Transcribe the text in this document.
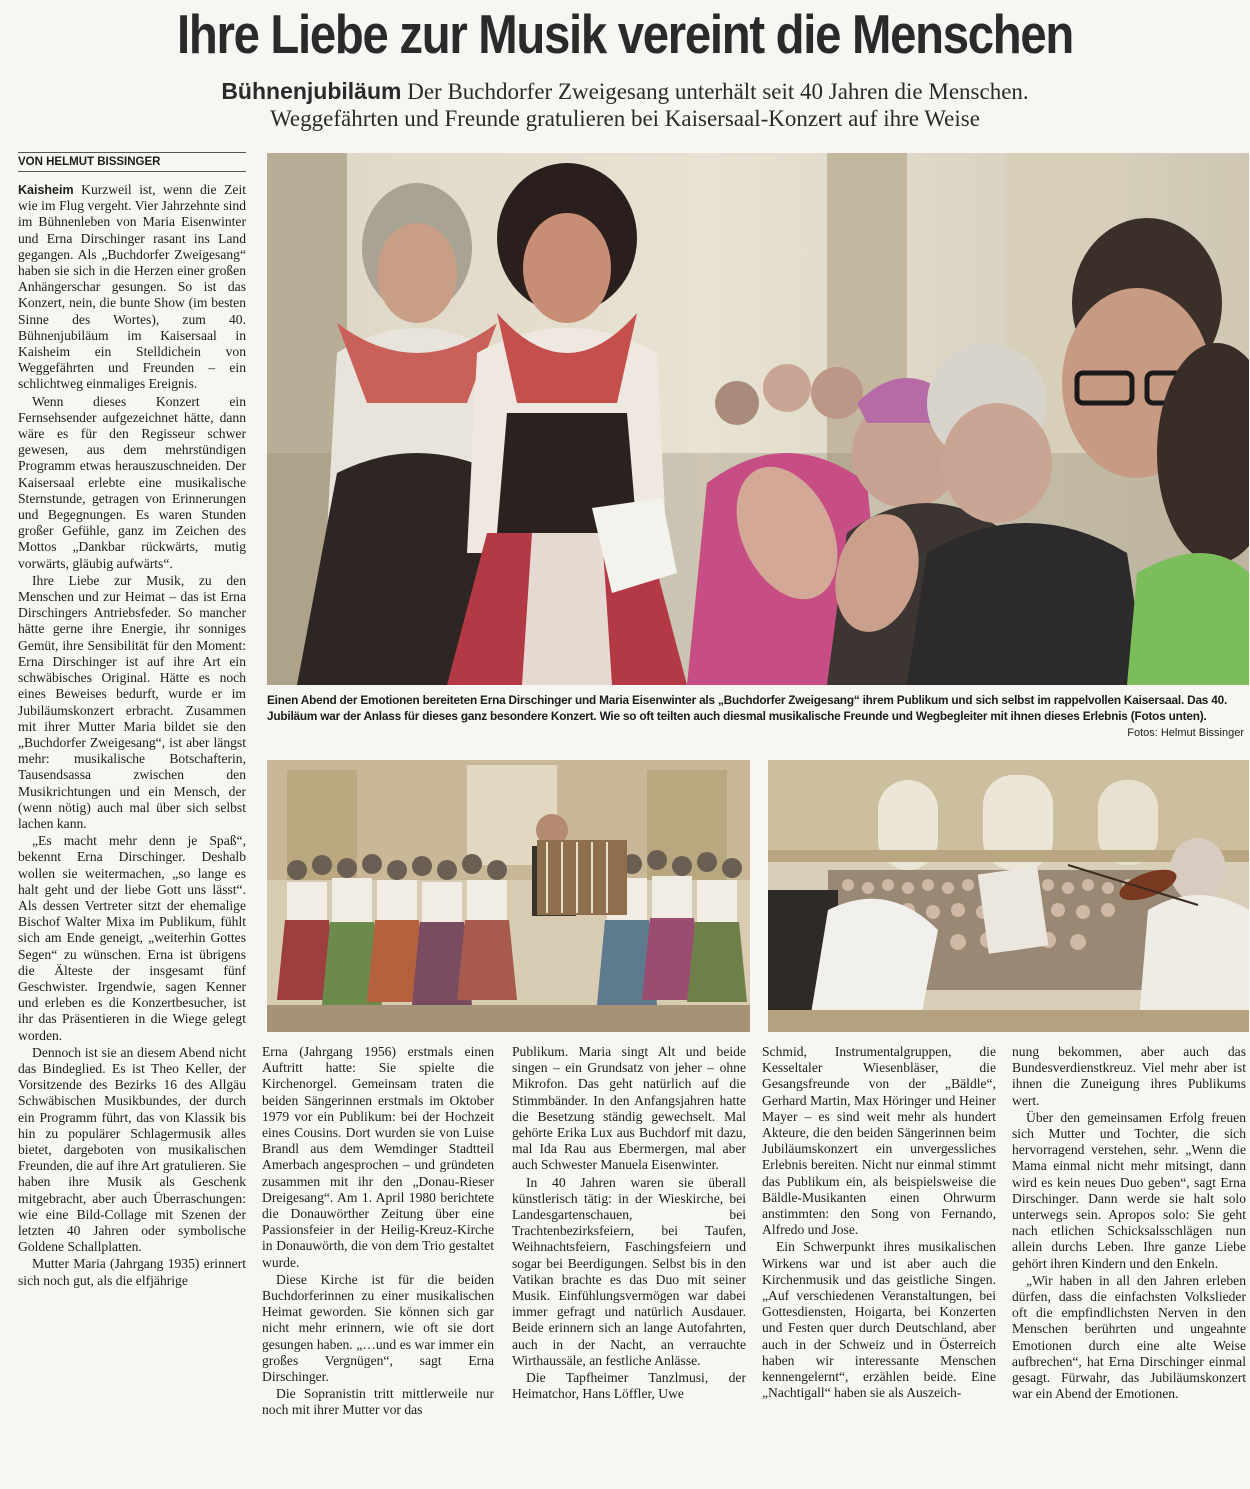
Ihre Liebe zur Musik vereint die Menschen
Bühnenjubiläum Der Buchdorfer Zweigesang unterhält seit 40 Jahren die Menschen.
Weggefährten und Freunde gratulieren bei Kaisersaal-Konzert auf ihre Weise
VON HELMUT BISSINGER

Kaisheim Kurzweil ist, wenn die Zeit wie im Flug vergeht. Vier Jahrzehnte sind im Bühnenleben von Maria Eisenwinter und Erna Dirschinger rasant ins Land gegangen. Als „Buchdorfer Zweigesang“ haben sie sich in die Herzen einer großen Anhängerschar gesungen. So ist das Konzert, nein, die bunte Show (im besten Sinne des Wortes), zum 40. Bühnenjubiläum im Kaisersaal in Kaisheim ein Stelldichein von Weggefährten und Freunden – ein schlichtweg einmaliges Ereignis.

Wenn dieses Konzert ein Fernsehsender aufgezeichnet hätte, dann wäre es für den Regisseur schwer gewesen, aus dem mehrstündigen Programm etwas herauszuschneiden. Der Kaisersaal erlebte eine musikalische Sternstunde, getragen von Erinnerungen und Begegnungen. Es waren Stunden großer Gefühle, ganz im Zeichen des Mottos „Dankbar rückwärts, mutig vorwärts, gläubig aufwärts“.

Ihre Liebe zur Musik, zu den Menschen und zur Heimat – das ist Erna Dirschingers Antriebsfeder. So mancher hätte gerne ihre Energie, ihr sonniges Gemüt, ihre Sensibilität für den Moment: Erna Dirschinger ist auf ihre Art ein schwäbisches Original. Hätte es noch eines Beweises bedurft, wurde er im Jubiläumskonzert erbracht. Zusammen mit ihrer Mutter Maria bildet sie den „Buchdorfer Zweigesang“, ist aber längst mehr: musikalische Botschafterin, Tausendsassa zwischen den Musikrichtungen und ein Mensch, der (wenn nötig) auch mal über sich selbst lachen kann.

„Es macht mehr denn je Spaß“, bekennt Erna Dirschinger. Deshalb wollen sie weitermachen, „so lange es halt geht und der liebe Gott uns lässt“. Als dessen Vertreter sitzt der ehemalige Bischof Walter Mixa im Publikum, fühlt sich am Ende geneigt, „weiterhin Gottes Segen“ zu wünschen. Erna ist übrigens die Älteste der insgesamt fünf Geschwister. Irgendwie, sagen Kenner und erleben es die Konzertbesucher, ist ihr das Präsentieren in die Wiege gelegt worden.

Dennoch ist sie an diesem Abend nicht das Bindeglied. Es ist Theo Keller, der Vorsitzende des Bezirks 16 des Allgäu Schwäbischen Musikbundes, der durch ein Programm führt, das von Klassik bis hin zu populärer Schlagermusik alles bietet, dargeboten von musikalischen Freunden, die auf ihre Art gratulieren. Sie haben ihre Musik als Geschenk mitgebracht, aber auch Überraschungen: wie eine Bild-Collage mit Szenen der letzten 40 Jahren oder symbolische Goldene Schallplatten.

Mutter Maria (Jahrgang 1935) erinnert sich noch gut, als die elfjährige

Einen Abend der Emotionen bereiteten Erna Dirschinger und Maria Eisenwinter als „Buchdorfer Zweigesang“ ihrem Publikum und sich selbst im rappelvollen Kaisersaal. Das 40. Jubiläum war der Anlass für dieses ganz besondere Konzert. Wie so oft teilten auch diesmal musikalische Freunde und Wegbegleiter mit ihnen dieses Erlebnis (Fotos unten).
Fotos: Helmut Bissinger

Erna (Jahrgang 1956) erstmals einen Auftritt hatte: Sie spielte die Kirchenorgel. Gemeinsam traten die beiden Sängerinnen erstmals im Oktober 1979 vor ein Publikum: bei der Hochzeit eines Cousins. Dort wurden sie von Luise Brandl aus dem Wemdinger Stadtteil Amerbach angesprochen – und gründeten zusammen mit ihr den „Donau-Rieser Dreigesang“. Am 1. April 1980 berichtete die Donauwörther Zeitung über eine Passionsfeier in der Heilig-Kreuz-Kirche in Donauwörth, die von dem Trio gestaltet wurde.

Diese Kirche ist für die beiden Buchdorferinnen zu einer musikalischen Heimat geworden. Sie können sich gar nicht mehr erinnern, wie oft sie dort gesungen haben. „…und es war immer ein großes Vergnügen“, sagt Erna Dirschinger.

Die Sopranistin tritt mittlerweile nur noch mit ihrer Mutter vor das

Publikum. Maria singt Alt und beide singen – ein Grundsatz von jeher – ohne Mikrofon. Das geht natürlich auf die Stimmbänder. In den Anfangsjahren hatte die Besetzung ständig gewechselt. Mal gehörte Erika Lux aus Buchdorf mit dazu, mal Ida Rau aus Ebermergen, mal aber auch Schwester Manuela Eisenwinter.

In 40 Jahren waren sie überall künstlerisch tätig: in der Wieskirche, bei Landesgartenschauen, bei Trachtenbezirksfeiern, bei Taufen, Weihnachtsfeiern, Faschingsfeiern und sogar bei Beerdigungen. Selbst bis in den Vatikan brachte es das Duo mit seiner Musik. Einfühlungsvermögen war dabei immer gefragt und natürlich Ausdauer. Beide erinnern sich an lange Autofahrten, auch in der Nacht, an verrauchte Wirthaussäle, an festliche Anlässe.

Die Tapfheimer Tanzlmusi, der Heimatchor, Hans Löffler, Uwe

Schmid, Instrumentalgruppen, die Kesseltaler Wiesenbläser, die Gesangsfreunde von der „Bäldle“, Gerhard Martin, Max Höringer und Heiner Mayer – es sind weit mehr als hundert Akteure, die den beiden Sängerinnen beim Jubiläumskonzert ein unvergessliches Erlebnis bereiten. Nicht nur einmal stimmt das Publikum ein, als beispielsweise die Bäldle-Musikanten einen Ohrwurm anstimmten: den Song von Fernando, Alfredo und Jose.

Ein Schwerpunkt ihres musikalischen Wirkens war und ist aber auch die Kirchenmusik und das geistliche Singen. „Auf verschiedenen Veranstaltungen, bei Gottesdiensten, Hoigarta, bei Konzerten und Festen quer durch Deutschland, aber auch in der Schweiz und in Österreich haben wir interessante Menschen kennengelernt“, erzählen beide. Eine „Nachtigall“ haben sie als Auszeich-

nung bekommen, aber auch das Bundesverdienstkreuz. Viel mehr aber ist ihnen die Zuneigung ihres Publikums wert.

Über den gemeinsamen Erfolg freuen sich Mutter und Tochter, die sich hervorragend verstehen, sehr. „Wenn die Mama einmal nicht mehr mitsingt, dann wird es kein neues Duo geben“, sagt Erna Dirschinger. Dann werde sie halt solo unterwegs sein. Apropos solo: Sie geht nach etlichen Schicksalsschlägen nun allein durchs Leben. Ihre ganze Liebe gehört ihren Kindern und den Enkeln.

„Wir haben in all den Jahren erleben dürfen, dass die einfachsten Volkslieder oft die empfindlichsten Nerven in den Menschen berührten und ungeahnte Emotionen durch eine alte Weise aufbrechen“, hat Erna Dirschinger einmal gesagt. Fürwahr, das Jubiläumskonzert war ein Abend der Emotionen.
